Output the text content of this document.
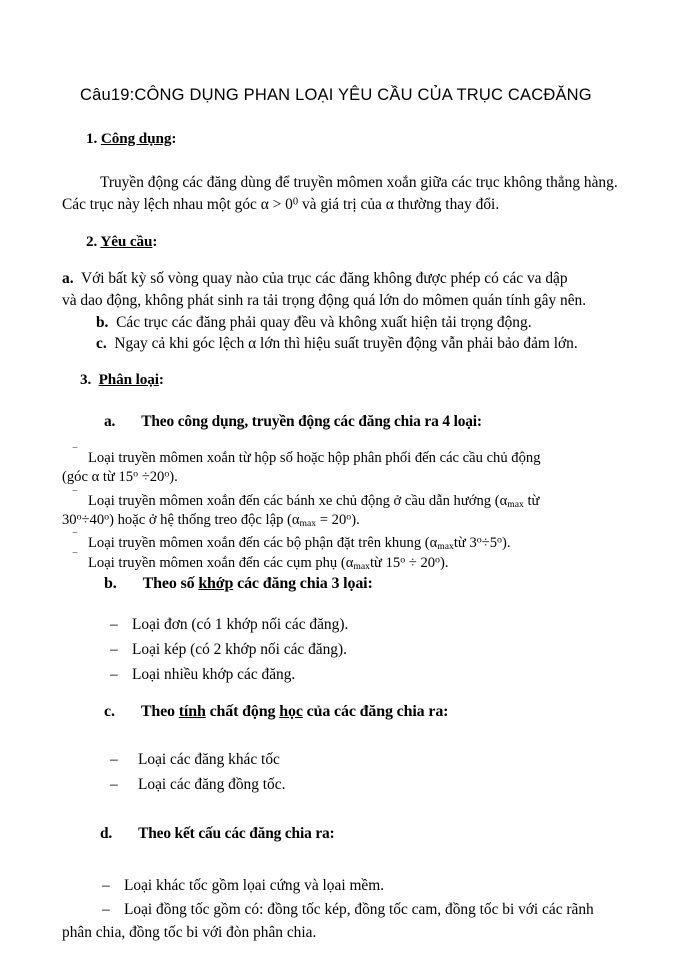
Câu19:CÔNG DỤNG PHAN LOẠI YÊU CẦU CỦA TRỤC CACĐĂNG
1. Công dụng:
Truyền động các đăng dùng để truyền mômen xoắn giữa các trục không thẳng hàng.
Các trục này lệch nhau một góc $\alpha > 0^0$ và giá trị của α thường thay đổi.
2. Yêu cầu:
a. Với bất kỳ số vòng quay nào của trục các đăng không được phép có các va dập
và dao động, không phát sinh ra tải trọng động quá lớn do mômen quán tính gây nên.
b. Các trục các đăng phải quay đều và không xuất hiện tải trọng động.
c. Ngay cả khi góc lệch α lớn thì hiệu suất truyền động vẫn phải bảo đảm lớn.
3. Phân loại:
a. Theo công dụng, truyền động các đăng chia ra 4 loại:
‾ Loại truyền mômen xoắn từ hộp số hoặc hộp phân phối đến các cầu chủ động
(góc α từ $15^o \div 20^o$).
‾ Loại truyền mômen xoắn đến các bánh xe chủ động ở cầu dẫn hướng ($\alpha_{max}$ từ
$30^o\div 40^o$) hoặc ở hệ thống treo độc lập $(\alpha_{max} = 20^o)$.
‾ Loại truyền mômen xoắn đến các bộ phận đặt trên khung ($\alpha_{max}từ$ $3^o\div 5^o$).
‾ Loại truyền mômen xoắn đến các cụm phụ ($\alpha_{max}từ$ $15^o \div 20^o$).
b. Theo số khớp các đăng chia 3 lọai:
– Loại đơn (có 1 khớp nối các đăng).
– Loại kép (có 2 khớp nối các đăng).
– Loại nhiều khớp các đăng.
c. Theo tính chất động học của các đăng chia ra:
– Loại các đăng khác tốc
– Loại các đăng đồng tốc.
d. Theo kết cấu các đăng chia ra:
– Loại khác tốc gồm lọai cứng và lọai mềm.
– Loại đồng tốc gồm có: đồng tốc kép, đồng tốc cam, đồng tốc bi với các rãnh
phân chia, đồng tốc bi với đòn phân chia.
